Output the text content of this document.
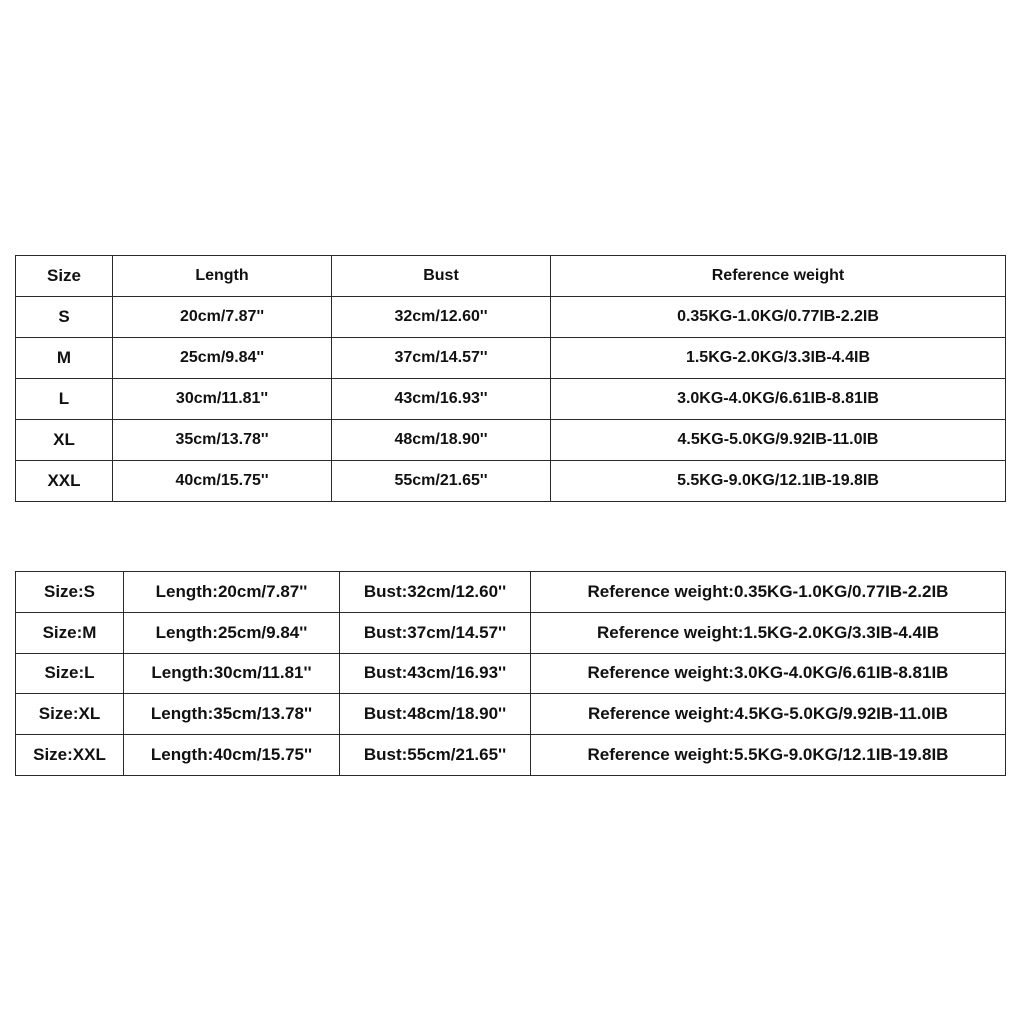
Size	Length	Bust	Reference weight
S	20cm/7.87''	32cm/12.60''	0.35KG-1.0KG/0.77IB-2.2IB
M	25cm/9.84''	37cm/14.57''	1.5KG-2.0KG/3.3IB-4.4IB
L	30cm/11.81''	43cm/16.93''	3.0KG-4.0KG/6.61IB-8.81IB
XL	35cm/13.78''	48cm/18.90''	4.5KG-5.0KG/9.92IB-11.0IB
XXL	40cm/15.75''	55cm/21.65''	5.5KG-9.0KG/12.1IB-19.8IB
Size:S	Length:20cm/7.87''	Bust:32cm/12.60''	Reference weight:0.35KG-1.0KG/0.77IB-2.2IB
Size:M	Length:25cm/9.84''	Bust:37cm/14.57''	Reference weight:1.5KG-2.0KG/3.3IB-4.4IB
Size:L	Length:30cm/11.81''	Bust:43cm/16.93''	Reference weight:3.0KG-4.0KG/6.61IB-8.81IB
Size:XL	Length:35cm/13.78''	Bust:48cm/18.90''	Reference weight:4.5KG-5.0KG/9.92IB-11.0IB
Size:XXL	Length:40cm/15.75''	Bust:55cm/21.65''	Reference weight:5.5KG-9.0KG/12.1IB-19.8IB
